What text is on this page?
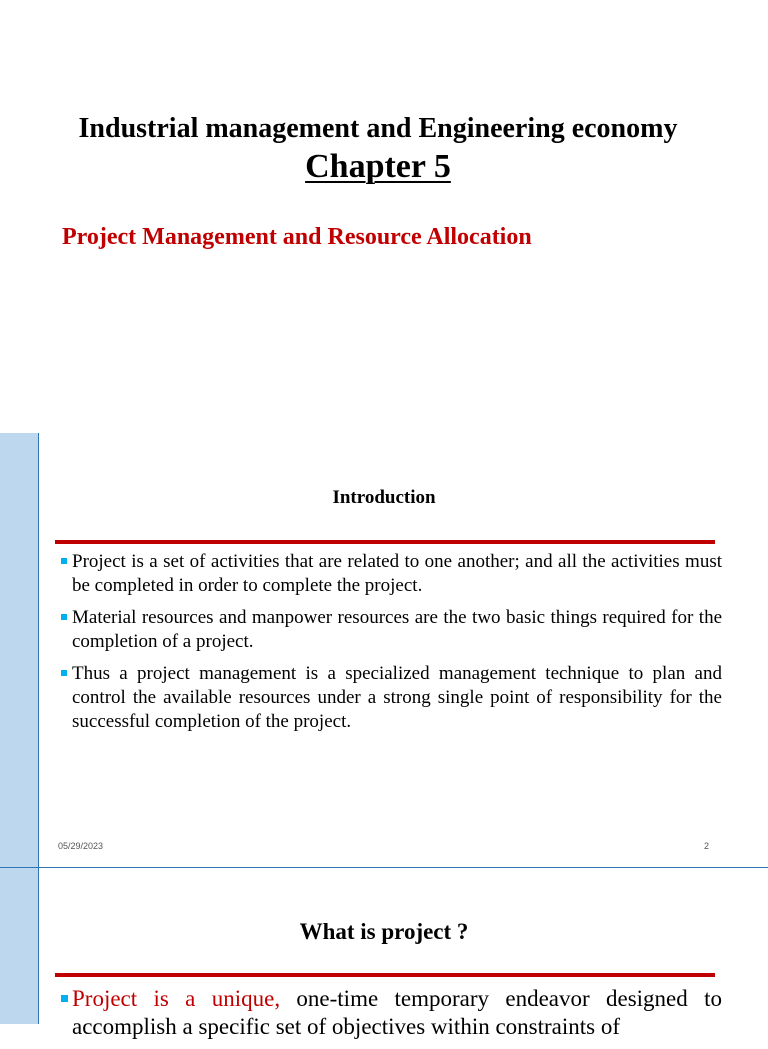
Industrial management and Engineering economy
Chapter 5
Project Management and Resource Allocation
Introduction
Project is a set of activities that are related to one another; and all the activities must be completed in order to complete the project.
Material resources and manpower resources are the two basic things required for the completion of a project.
Thus a project management is a specialized management technique to plan and control the available resources under a strong single point of responsibility for the successful completion of the project.
05/29/2023	2
What is project ?
Project is a unique, one-time temporary endeavor designed to accomplish a specific set of objectives within constraints of
